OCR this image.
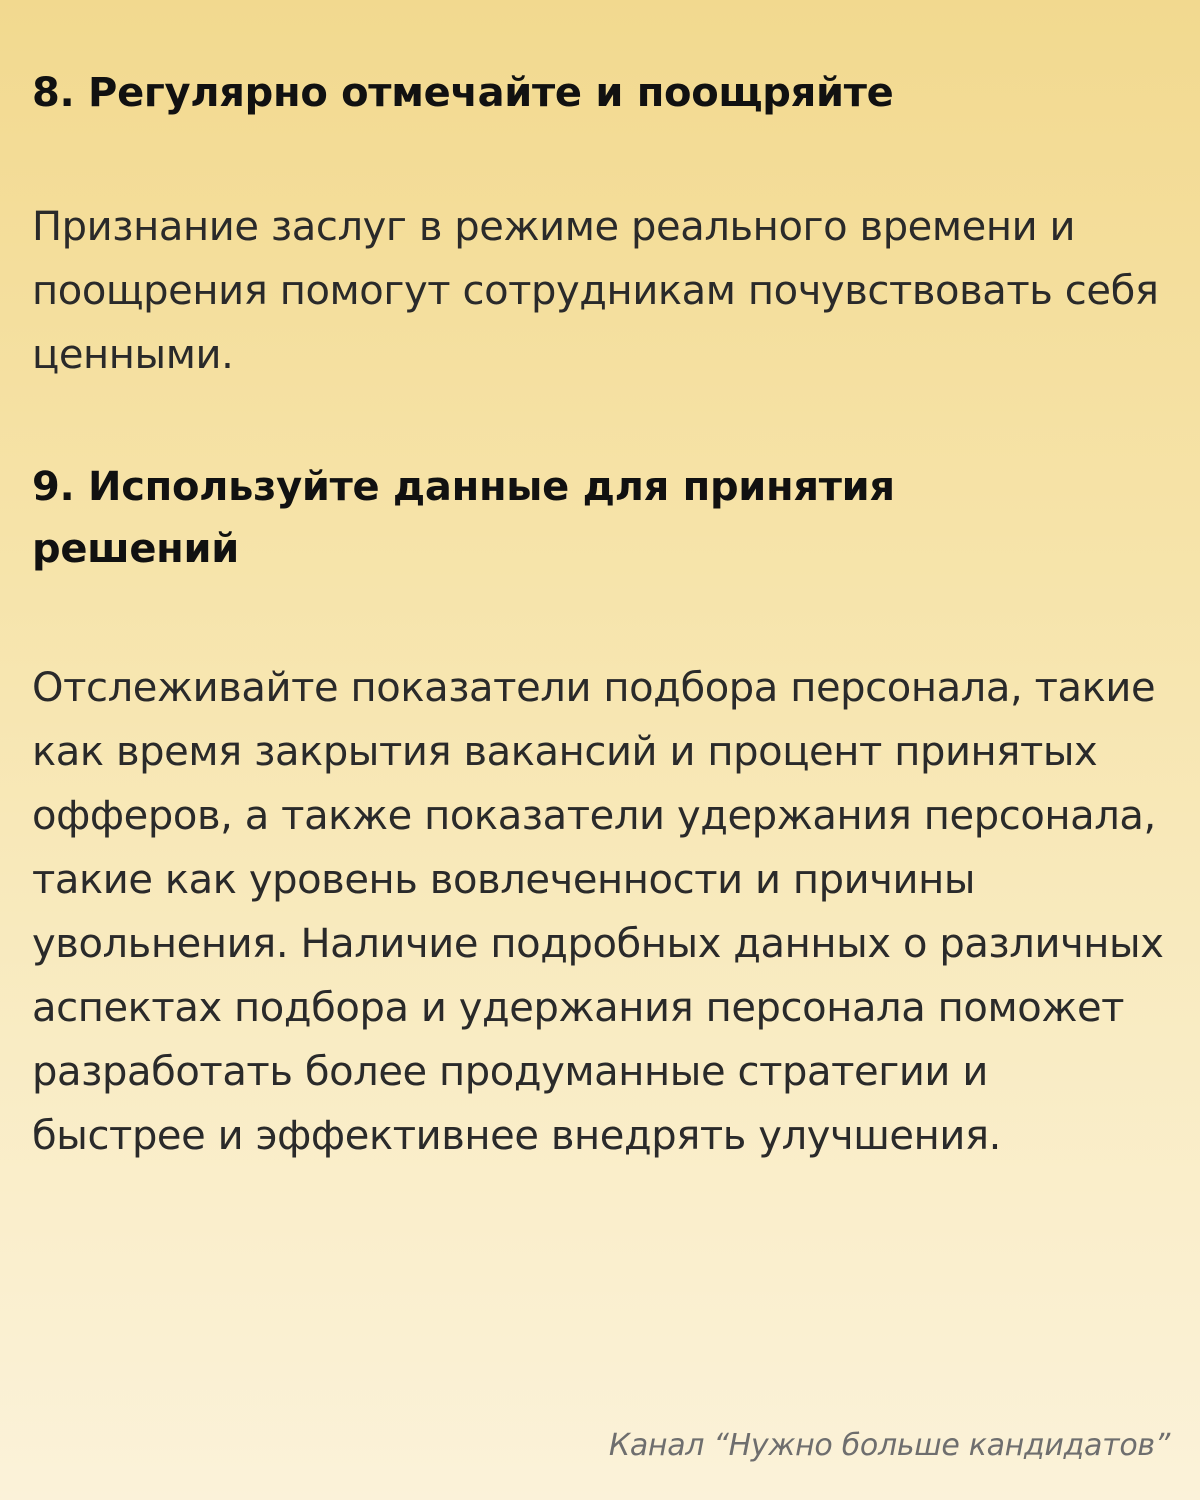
8. Регулярно отмечайте и поощряйте

Признание заслуг в режиме реального времени и поощрения помогут сотрудникам почувствовать себя ценными.

9. Используйте данные для принятия решений

Отслеживайте показатели подбора персонала, такие как время закрытия вакансий и процент принятых офферов, а также показатели удержания персонала, такие как уровень вовлеченности и причины увольнения. Наличие подробных данных о различных аспектах подбора и удержания персонала поможет разработать более продуманные стратегии и быстрее и эффективнее внедрять улучшения.

Канал “Нужно больше кандидатов”
